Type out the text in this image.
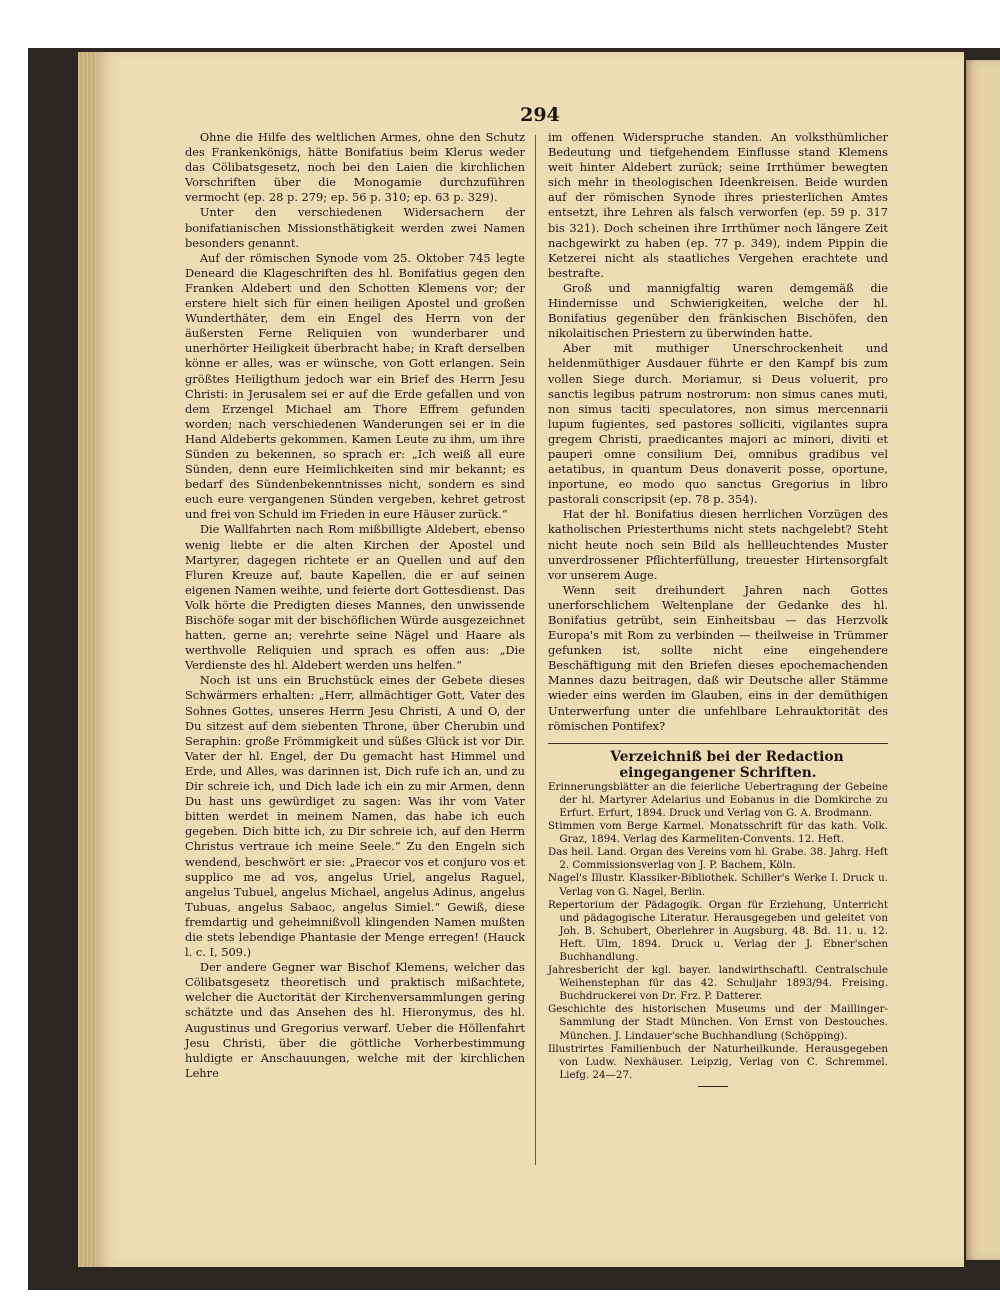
294

Ohne die Hilfe des weltlichen Armes, ohne den Schutz des Frankenkönigs, hätte Bonifatius beim Klerus weder das Cölibatsgesetz, noch bei den Laien die kirchlichen Vorschriften über die Monogamie durchzuführen vermocht (ep. 28 p. 279; ep. 56 p. 310; ep. 63 p. 329).

Unter den verschiedenen Widersachern der bonifatianischen Missionsthätigkeit werden zwei Namen besonders genannt.

Auf der römischen Synode vom 25. Oktober 745 legte Deneard die Klageschriften des hl. Bonifatius gegen den Franken Aldebert und den Schotten Klemens vor; der erstere hielt sich für einen heiligen Apostel und großen Wunderthäter, dem ein Engel des Herrn von der äußersten Ferne Reliquien von wunderbarer und unerhörter Heiligkeit überbracht habe; in Kraft derselben könne er alles, was er wünsche, von Gott erlangen. Sein größtes Heiligthum jedoch war ein Brief des Herrn Jesu Christi: in Jerusalem sei er auf die Erde gefallen und von dem Erzengel Michael am Thore Effrem gefunden worden; nach verschiedenen Wanderungen sei er in die Hand Aldeberts gekommen. Kamen Leute zu ihm, um ihre Sünden zu bekennen, so sprach er: „Ich weiß all eure Sünden, denn eure Heimlichkeiten sind mir bekannt; es bedarf des Sündenbekenntnisses nicht, sondern es sind euch eure vergangenen Sünden vergeben, kehret getrost und frei von Schuld im Frieden in eure Häuser zurück.“

Die Wallfahrten nach Rom mißbilligte Aldebert, ebenso wenig liebte er die alten Kirchen der Apostel und Martyrer, dagegen richtete er an Quellen und auf den Fluren Kreuze auf, baute Kapellen, die er auf seinen eigenen Namen weihte, und feierte dort Gottesdienst. Das Volk hörte die Predigten dieses Mannes, den unwissende Bischöfe sogar mit der bischöflichen Würde ausgezeichnet hatten, gerne an; verehrte seine Nägel und Haare als werthvolle Reliquien und sprach es offen aus: „Die Verdienste des hl. Aldebert werden uns helfen.“

Noch ist uns ein Bruchstück eines der Gebete dieses Schwärmers erhalten: „Herr, allmächtiger Gott, Vater des Sohnes Gottes, unseres Herrn Jesu Christi, A und O, der Du sitzest auf dem siebenten Throne, über Cherubin und Seraphin: große Frömmigkeit und süßes Glück ist vor Dir. Vater der hl. Engel, der Du gemacht hast Himmel und Erde, und Alles, was darinnen ist, Dich rufe ich an, und zu Dir schreie ich, und Dich lade ich ein zu mir Armen, denn Du hast uns gewürdiget zu sagen: Was ihr vom Vater bitten werdet in meinem Namen, das habe ich euch gegeben. Dich bitte ich, zu Dir schreie ich, auf den Herrn Christus vertraue ich meine Seele.“ Zu den Engeln sich wendend, beschwört er sie: „Praecor vos et conjuro vos et supplico me ad vos, angelus Uriel, angelus Raguel, angelus Tubuel, angelus Michael, angelus Adinus, angelus Tubuas, angelus Sabaoc, angelus Simiel.“ Gewiß, diese fremdartig und geheimnißvoll klingenden Namen mußten die stets lebendige Phantasie der Menge erregen! (Hauck l. c. I, 509.)

Der andere Gegner war Bischof Klemens, welcher das Cölibatsgesetz theoretisch und praktisch mißachtete, welcher die Auctorität der Kirchenversammlungen gering schätzte und das Ansehen des hl. Hieronymus, des hl. Augustinus und Gregorius verwarf. Ueber die Höllenfahrt Jesu Christi, über die göttliche Vorherbestimmung huldigte er Anschauungen, welche mit der kirchlichen Lehre

im offenen Widerspruche standen. An volksthümlicher Bedeutung und tiefgehendem Einflusse stand Klemens weit hinter Aldebert zurück; seine Irrthümer bewegten sich mehr in theologischen Ideenkreisen. Beide wurden auf der römischen Synode ihres priesterlichen Amtes entsetzt, ihre Lehren als falsch verworfen (ep. 59 p. 317 bis 321). Doch scheinen ihre Irrthümer noch längere Zeit nachgewirkt zu haben (ep. 77 p. 349), indem Pippin die Ketzerei nicht als staatliches Vergehen erachtete und bestrafte.

Groß und mannigfaltig waren demgemäß die Hindernisse und Schwierigkeiten, welche der hl. Bonifatius gegenüber den fränkischen Bischöfen, den nikolaitischen Priestern zu überwinden hatte.

Aber mit muthiger Unerschrockenheit und heldenmüthiger Ausdauer führte er den Kampf bis zum vollen Siege durch. Moriamur, si Deus voluerit, pro sanctis legibus patrum nostrorum: non simus canes muti, non simus taciti speculatores, non simus mercennarii lupum fugientes, sed pastores solliciti, vigilantes supra gregem Christi, praedicantes majori ac minori, diviti et pauperi omne consilium Dei, omnibus gradibus vel aetatibus, in quantum Deus donaverit posse, oportune, inportune, eo modo quo sanctus Gregorius in libro pastorali conscripsit (ep. 78 p. 354).

Hat der hl. Bonifatius diesen herrlichen Vorzügen des katholischen Priesterthums nicht stets nachgelebt? Steht nicht heute noch sein Bild als hellleuchtendes Muster unverdrossener Pflichterfüllung, treuester Hirtensorgfalt vor unserem Auge.

Wenn seit dreihundert Jahren nach Gottes unerforschlichem Weltenplane der Gedanke des hl. Bonifatius getrübt, sein Einheitsbau — das Herzvolk Europa's mit Rom zu verbinden — theilweise in Trümmer gefunken ist, sollte nicht eine eingehendere Beschäftigung mit den Briefen dieses epochemachenden Mannes dazu beitragen, daß wir Deutsche aller Stämme wieder eins werden im Glauben, eins in der demüthigen Unterwerfung unter die unfehlbare Lehrauktorität des römischen Pontifex?

Verzeichniß bei der Redaction eingegangener Schriften.

Erinnerungsblätter an die feierliche Uebertragung der Gebeine der hl. Martyrer Adelarius und Eobanus in die Domkirche zu Erfurt. Erfurt, 1894. Druck und Verlag von G. A. Brodmann.

Stimmen vom Berge Karmel. Monatsschrift für das kath. Volk. Graz, 1894. Verlag des Karmeliten-Convents. 12. Heft.

Das heil. Land. Organ des Vereins vom hl. Grabe. 38. Jahrg. Heft 2. Commissionsverlag von J. P. Bachem, Köln.

Nagel's Illustr. Klassiker-Bibliothek. Schiller's Werke I. Druck u. Verlag von G. Nagel, Berlin.

Repertorium der Pädagogik. Organ für Erziehung, Unterricht und pädagogische Literatur. Herausgegeben und geleitet von Joh. B. Schubert, Oberlehrer in Augsburg. 48. Bd. 11. u. 12. Heft. Ulm, 1894. Druck u. Verlag der J. Ebner'schen Buchhandlung.

Jahresbericht der kgl. bayer. landwirthschaftl. Centralschule Weihenstephan für das 42. Schuljahr 1893/94. Freising. Buchdruckerei von Dr. Frz. P. Datterer.

Geschichte des historischen Museums und der Maillinger-Sammlung der Stadt München. Von Ernst von Destouches. München. J. Lindauer'sche Buchhandlung (Schöpping).

Illustrirtes Familienbuch der Naturheilkunde. Herausgegeben von Ludw. Nexhäuser. Leipzig, Verlag von C. Schremmel. Liefg. 24—27.
